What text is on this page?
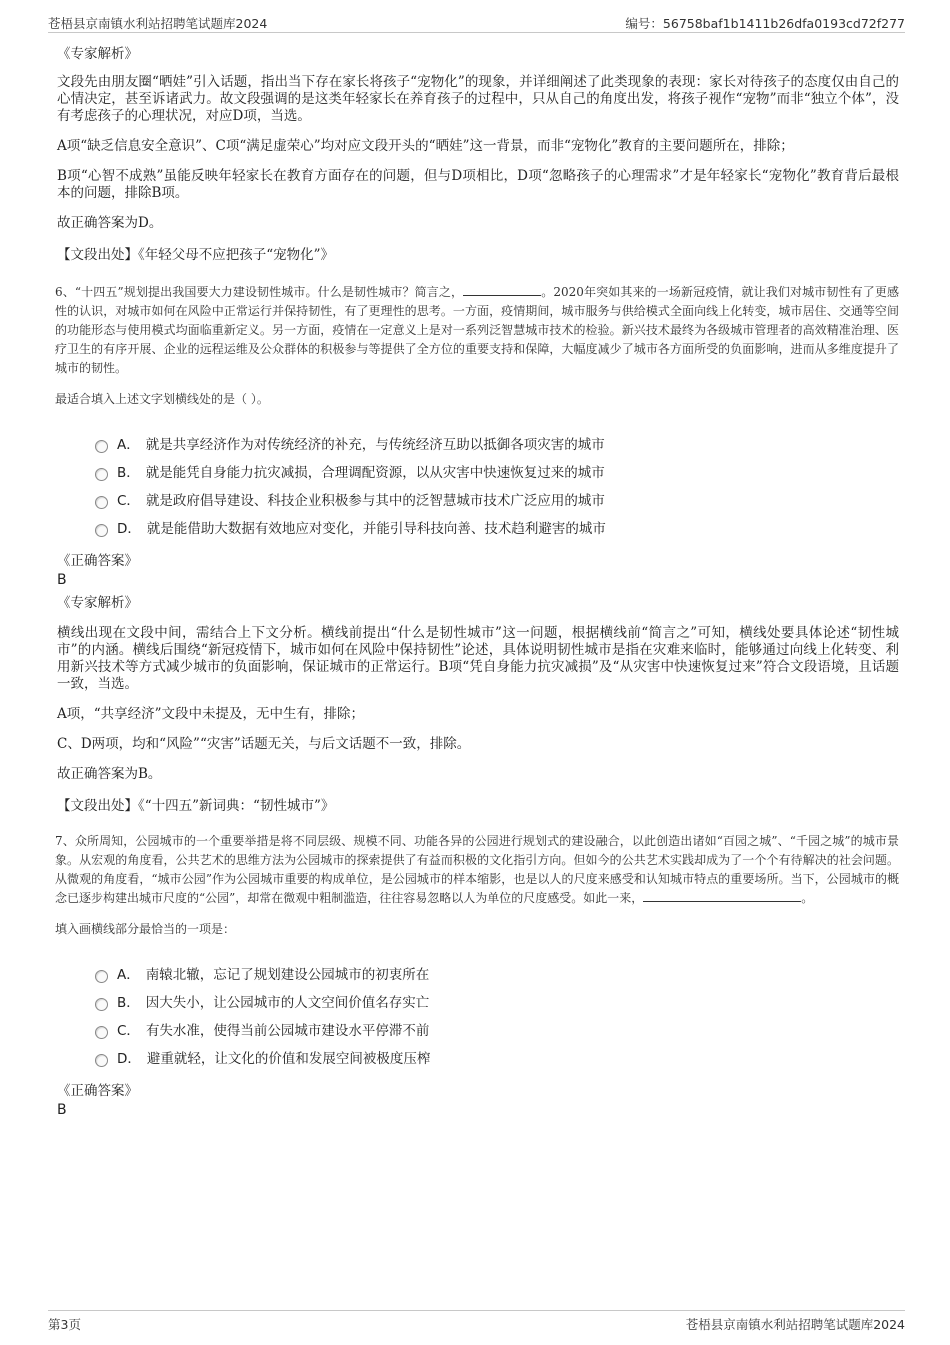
苍梧县京南镇水利站招聘笔试题库2024	编号：56758baf1b1411b26dfa0193cd72f277
《专家解析》

文段先由朋友圈“晒娃”引入话题，指出当下存在家长将孩子“宠物化”的现象，并详细阐述了此类现象的表现：家长对待孩子的态度仅由自己的心情决定，甚至诉诸武力。故文段强调的是这类年轻家长在养育孩子的过程中，只从自己的角度出发，将孩子视作“宠物”而非“独立个体”，没有考虑孩子的心理状况，对应D项，当选。

A项“缺乏信息安全意识”、C项“满足虚荣心”均对应文段开头的“晒娃”这一背景，而非“宠物化”教育的主要问题所在，排除；

B项“心智不成熟”虽能反映年轻家长在教育方面存在的问题，但与D项相比，D项“忽略孩子的心理需求”才是年轻家长“宠物化”教育背后最根本的问题，排除B项。

故正确答案为D。

【文段出处】《年轻父母不应把孩子“宠物化”》

6、“十四五”规划提出我国要大力建设韧性城市。什么是韧性城市？简言之，	。2020年突如其来的一场新冠疫情，就让我们对城市韧性有了更感性的认识，对城市如何在风险中正常运行并保持韧性，有了更理性的思考。一方面，疫情期间，城市服务与供给模式全面向线上化转变，城市居住、交通等空间的功能形态与使用模式均面临重新定义。另一方面，疫情在一定意义上是对一系列泛智慧城市技术的检验。新兴技术最终为各级城市管理者的高效精准治理、医疗卫生的有序开展、企业的远程运维及公众群体的积极参与等提供了全方位的重要支持和保障，大幅度减少了城市各方面所受的负面影响，进而从多维度提升了城市的韧性。

最适合填入上述文字划横线处的是（ ）。
A． 就是共享经济作为对传统经济的补充，与传统经济互助以抵御各项灾害的城市
B． 就是能凭自身能力抗灾减损，合理调配资源，以从灾害中快速恢复过来的城市
C． 就是政府倡导建设、科技企业积极参与其中的泛智慧城市技术广泛应用的城市
D． 就是能借助大数据有效地应对变化，并能引导科技向善、技术趋利避害的城市
《正确答案》
B
《专家解析》

横线出现在文段中间，需结合上下文分析。横线前提出“什么是韧性城市”这一问题，根据横线前“简言之”可知，横线处要具体论述“韧性城市”的内涵。横线后围绕“新冠疫情下，城市如何在风险中保持韧性”论述，具体说明韧性城市是指在灾难来临时，能够通过向线上化转变、利用新兴技术等方式减少城市的负面影响，保证城市的正常运行。B项“凭自身能力抗灾减损”及“从灾害中快速恢复过来”符合文段语境，且话题一致，当选。

A项，“共享经济”文段中未提及，无中生有，排除；

C、D两项，均和“风险”“灾害”话题无关，与后文话题不一致，排除。

故正确答案为B。

【文段出处】《“十四五”新词典：“韧性城市”》

7、众所周知，公园城市的一个重要举措是将不同层级、规模不同、功能各异的公园进行规划式的建设融合，以此创造出诸如“百园之城”、“千园之城”的城市景象。从宏观的角度看，公共艺术的思维方法为公园城市的探索提供了有益而积极的文化指引方向。但如今的公共艺术实践却成为了一个个有待解决的社会问题。从微观的角度看，“城市公园”作为公园城市重要的构成单位，是公园城市的样本缩影，也是以人的尺度来感受和认知城市特点的重要场所。当下，公园城市的概念已逐步构建出城市尺度的“公园”，却常在微观中粗制滥造，往往容易忽略以人为单位的尺度感受。如此一来，	。

填入画横线部分最恰当的一项是：
A． 南辕北辙，忘记了规划建设公园城市的初衷所在
B． 因大失小，让公园城市的人文空间价值名存实亡
C． 有失水准，使得当前公园城市建设水平停滞不前
D． 避重就轻，让文化的价值和发展空间被极度压榨
《正确答案》
B
第3页	苍梧县京南镇水利站招聘笔试题库2024
